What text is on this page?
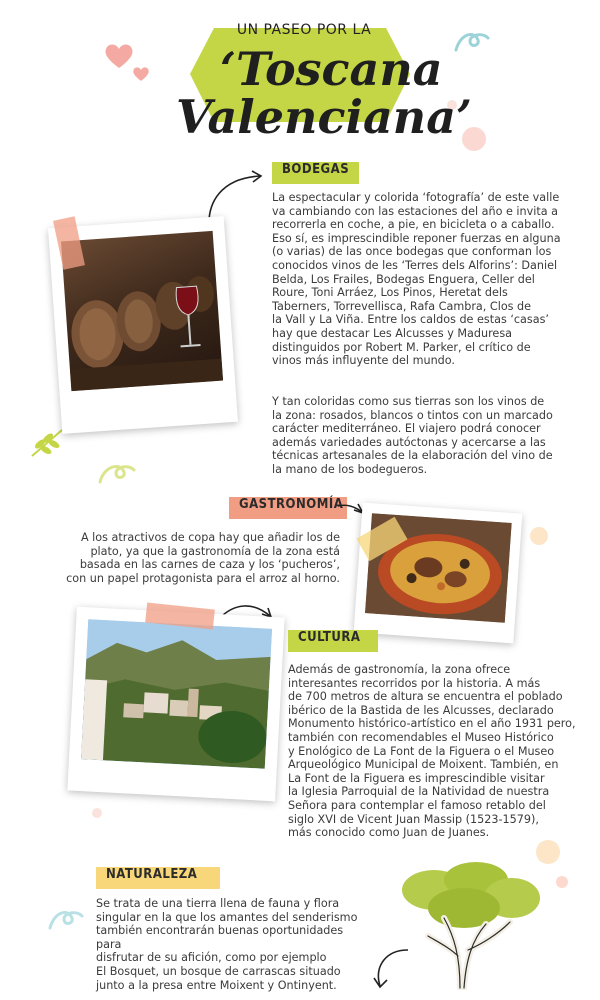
UN PASEO POR LA
‘Toscana
Valenciana’
BODEGAS
La espectacular y colorida ‘fotografía’ de este valle
va cambiando con las estaciones del año e invita a
recorrerla en coche, a pie, en bicicleta o a caballo.
Eso sí, es imprescindible reponer fuerzas en alguna
(o varias) de las once bodegas que conforman los
conocidos vinos de les ‘Terres dels Alforins’: Daniel
Belda, Los Frailes, Bodegas Enguera, Celler del
Roure, Toni Arráez, Los Pinos, Heretat dels
Taberners, Torrevellisca, Rafa Cambra, Clos de
la Vall y La Viña. Entre los caldos de estas ‘casas’
hay que destacar Les Alcusses y Maduresa
distinguidos por Robert M. Parker, el crítico de
vinos más influyente del mundo.
Y tan coloridas como sus tierras son los vinos de
la zona: rosados, blancos o tintos con un marcado
carácter mediterráneo. El viajero podrá conocer
además variedades autóctonas y acercarse a las
técnicas artesanales de la elaboración del vino de
la mano de los bodegueros.
GASTRONOMÍA
A los atractivos de copa hay que añadir los de
plato, ya que la gastronomía de la zona está
basada en las carnes de caza y los ‘pucheros’,
con un papel protagonista para el arroz al horno.
CULTURA
Además de gastronomía, la zona ofrece
interesantes recorridos por la historia. A más
de 700 metros de altura se encuentra el poblado
ibérico de la Bastida de les Alcusses, declarado
Monumento histórico-artístico en el año 1931 pero,
también con recomendables el Museo Histórico
y Enológico de La Font de la Figuera o el Museo
Arqueológico Municipal de Moixent. También, en
La Font de la Figuera es imprescindible visitar
la Iglesia Parroquial de la Natividad de nuestra
Señora para contemplar el famoso retablo del
siglo XVI de Vicent Juan Massip (1523-1579),
más conocido como Juan de Juanes.
NATURALEZA
Se trata de una tierra llena de fauna y flora
singular en la que los amantes del senderismo
también encontrarán buenas oportunidades para
disfrutar de su afición, como por ejemplo
El Bosquet, un bosque de carrascas situado
junto a la presa entre Moixent y Ontinyent.
